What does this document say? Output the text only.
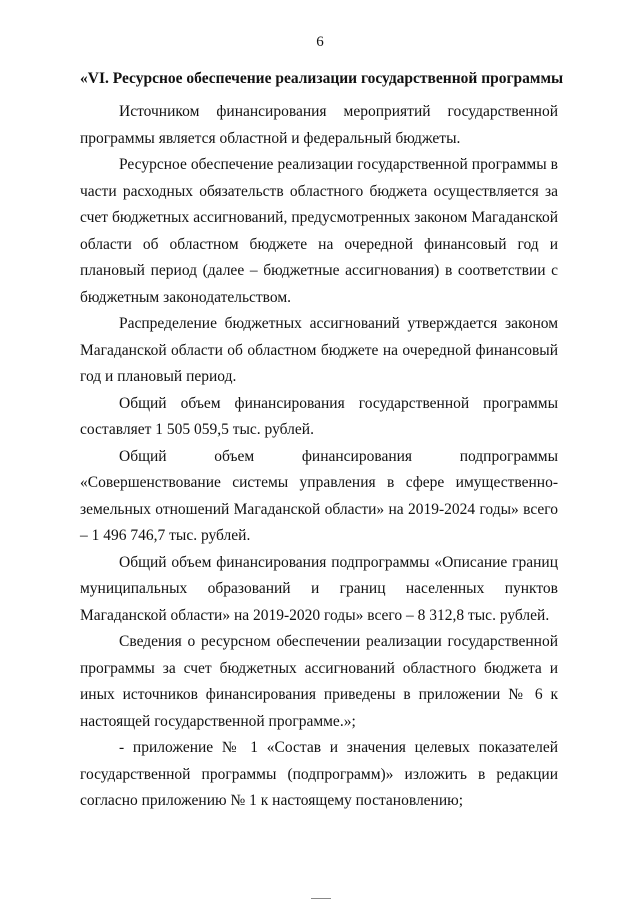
6
«VI. Ресурсное обеспечение реализации государственной программы

Источником финансирования мероприятий государственной программы является областной и федеральный бюджеты.

Ресурсное обеспечение реализации государственной программы в части расходных обязательств областного бюджета осуществляется за счет бюджетных ассигнований, предусмотренных законом Магаданской области об областном бюджете на очередной финансовый год и плановый период (далее – бюджетные ассигнования) в соответствии с бюджетным законодательством.

Распределение бюджетных ассигнований утверждается законом Магаданской области об областном бюджете на очередной финансовый год и плановый период.

Общий объем финансирования государственной программы составляет 1 505 059,5 тыс. рублей.

Общий объем финансирования подпрограммы «Совершенствование системы управления в сфере имущественно-земельных отношений Магаданской области» на 2019-2024 годы» всего – 1 496 746,7 тыс. рублей.

Общий объем финансирования подпрограммы «Описание границ муниципальных образований и границ населенных пунктов Магаданской области» на 2019-2020 годы» всего – 8 312,8 тыс. рублей.

Сведения о ресурсном обеспечении реализации государственной программы за счет бюджетных ассигнований областного бюджета и иных источников финансирования приведены в приложении № 6 к настоящей государственной программе.»;

- приложение № 1 «Состав и значения целевых показателей государственной программы (подпрограмм)» изложить в редакции согласно приложению № 1 к настоящему постановлению;
